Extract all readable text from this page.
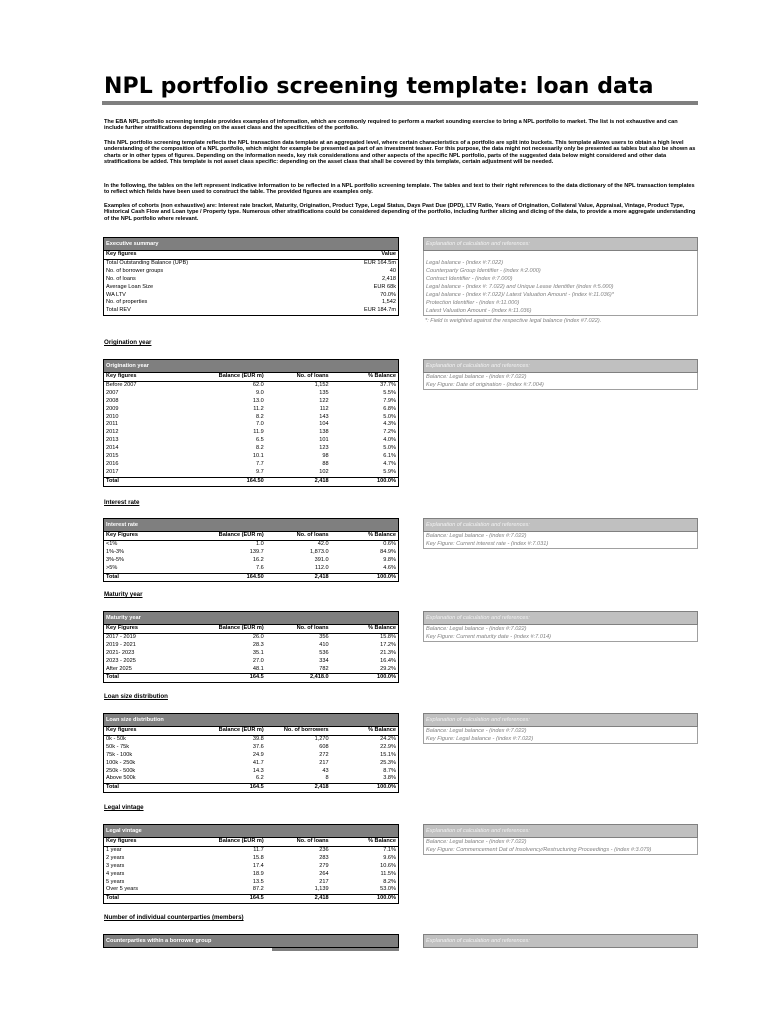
NPL portfolio screening template: loan data

The EBA NPL portfolio screening template provides examples of information, which are commonly required to perform a market sounding exercise to bring a NPL portfolio to market. The list is not exhaustive and can include further stratifications depending on the asset class and the specificities of the portfolio.

This NPL portfolio screening template reflects the NPL transaction data template at an aggregated level, where certain characteristics of a portfolio are split into buckets. This template allows users to obtain a high level understanding of the composition of a NPL portfolio, which might for example be presented as part of an investment teaser. For this purpose, the data might not necessarily only be presented as tables but also be shown as charts or in other types of figures. Depending on the information needs, key risk considerations and other aspects of the specific NPL portfolio, parts of the suggested data below might considered and other data stratifications be added. This template is not asset class specific: depending on the asset class that shall be covered by this template, certain adjustment will be needed.

In the following, the tables on the left represent indicative information to be reflected in a NPL portfolio screening template. The tables and text to their right references to the data dictionary of the NPL transaction templates to reflect which fields have been used to construct the table. The provided figures are examples only.

Examples of cohorts (non exhaustive) are: Interest rate bracket, Maturity, Origination, Product Type, Legal Status, Days Past Due (DPD), LTV Ratio, Years of Origination, Collateral Value, Appraisal, Vintage, Product Type, Historical Cash Flow and Loan type / Property type. Numerous other stratifications could be considered depending of the portfolio, including further slicing and dicing of the data, to provide a more aggregate understanding of the NPL portfolio where relevant.

Executive summary	
Key figures	Value
Total Outstanding Balance (UPB)	EUR 164.5m
No. of borrower groups	40
No. of loans	2,418
Average Loan Size	EUR 68k
WA LTV	70.0%
No. of properties	1,542
Total REV	EUR 184.7m
Explanation of calculation and references:
Legal balance - (index #:7.022)
Counterparty Group Identifier - (index #:2.000)
Contract Identifier - (index #:7.000)
Legal balance - (index #: 7.022) and Unique Lease Identifier (index #:5.000)
Legal balance - (index #:7.022)/ Latest Valuation Amount - (index #:11.036)*
Protection Identifier - (index #:11.000)
Latest Valuation Amount - (index #:11.036)
*: Field is weighted against the respective legal balance (index #7.022).
Origination year
Origination year			
Key figures	Balance (EUR m)	No. of loans	% Balance
Before 2007	62.0	1,152	37.7%
2007	9.0	135	5.5%
2008	13.0	122	7.9%
2009	11.2	112	6.8%
2010	8.2	143	5.0%
2011	7.0	104	4.3%
2012	11.9	138	7.2%
2013	6.5	101	4.0%
2014	8.2	123	5.0%
2015	10.1	98	6.1%
2016	7.7	88	4.7%
2017	9.7	102	5.9%
Total	164.50	2,418	100.0%
Explanation of calculation and references:
Balance: Legal balance - (index #:7.022)
Key Figure: Date of origination - (index #:7.004)
Interest rate
Interest rate			
Key Figures	Balance (EUR m)	No. of loans	% Balance
<1%	1.0	42.0	0.6%
1%-3%	139.7	1,873.0	84.9%
3%-5%	16.2	391.0	9.8%
>5%	7.6	112.0	4.6%
Total	164.50	2,418	100.0%
Explanation of calculation and references:
Balance: Legal balance - (index #:7.022)
Key Figure: Current interest rate - (index #:7.031)
Maturity year
Maturity year			
Key Figures	Balance (EUR m)	No. of loans	% Balance
2017 - 2019	26.0	356	15.8%
2019 - 2021	28.3	410	17.2%
2021- 2023	35.1	536	21.3%
2023 - 2025	27.0	334	16.4%
After 2025	48.1	782	29.2%
Total	164.5	2,418.0	100.0%
Explanation of calculation and references:
Balance: Legal balance - (index #:7.022)
Key Figure: Current maturity date - (index #:7.014)
Loan size distribution
Loan size distribution			
Key figures	Balance (EUR m)	No. of borrowers	% Balance
0k - 50k	39.8	1,270	24.2%
50k - 75k	37.6	608	22.9%
75k - 100k	24.9	272	15.1%
100k - 250k	41.7	217	25.3%
250k - 500k	14.3	43	8.7%
Above 500k	6.2	8	3.8%
Total	164.5	2,418	100.0%
Explanation of calculation and references:
Balance: Legal balance - (index #:7.022)
Key Figure: Legal balance - (index #:7.022)
Legal vintage
Legal vintage			
Key figures	Balance (EUR m)	No. of loans	% Balance
1 year	11.7	236	7.1%
2 years	15.8	283	9.6%
3 years	17.4	279	10.6%
4 years	18.9	264	11.5%
5 years	13.5	217	8.2%
Over 5 years	87.2	1,139	53.0%
Total	164.5	2,418	100.0%
Explanation of calculation and references:
Balance: Legal balance - (index #:7.022)
Key Figure: Commencement Dat of Insolvency/Restructuring Proceedings - (index #:3.079)
Number of individual counterparties (members)
Counterparties within a borrower group	Explanation of calculation and references:
